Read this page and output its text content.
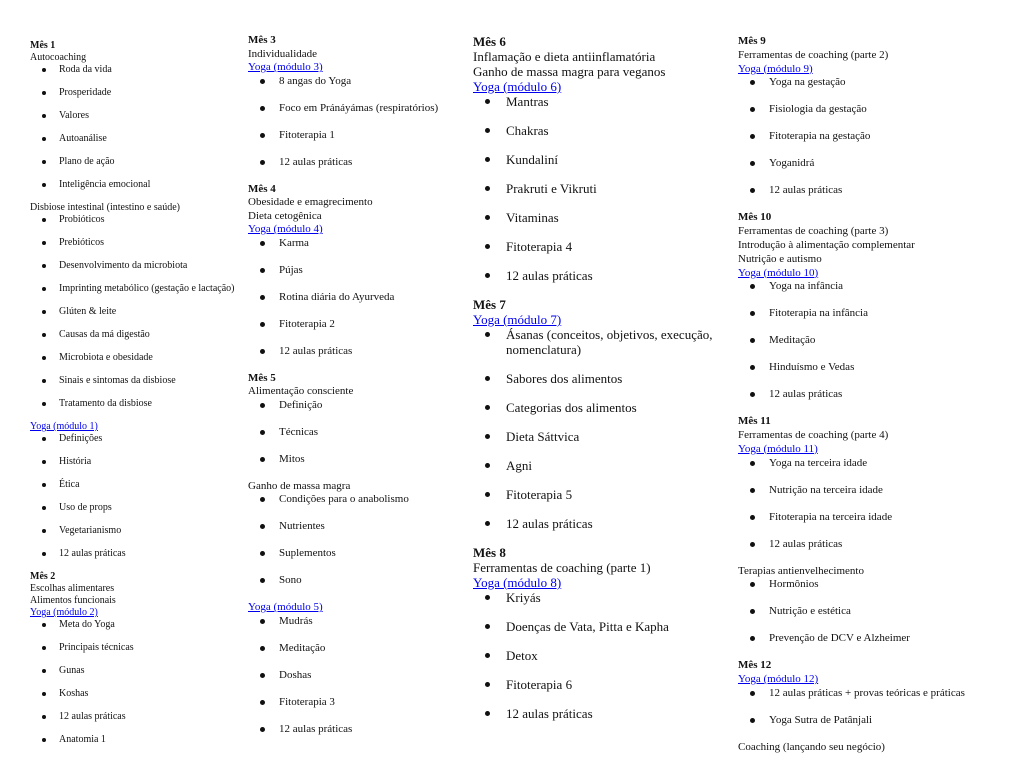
Mês 1
Autocoaching
Roda da vida
Prosperidade
Valores
Autoanálise
Plano de ação
Inteligência emocional
Disbiose intestinal (intestino e saúde)
Probióticos
Prebióticos
Desenvolvimento da microbiota
Imprinting metabólico (gestação e lactação)
Glúten & leite
Causas da má digestão
Microbiota e obesidade
Sinais e sintomas da disbiose
Tratamento da disbiose
Yoga (módulo 1)
Definições
História
Ética
Uso de props
Vegetarianismo
12 aulas práticas
Mês 2
Escolhas alimentares
Alimentos funcionais
Yoga (módulo 2)
Meta do Yoga
Principais técnicas
Gunas
Koshas
12 aulas práticas
Anatomia 1
Mês 3
Individualidade
Yoga (módulo 3)
8 angas do Yoga
Foco em Pránáyámas (respiratórios)
Fitoterapia 1
12 aulas práticas
Mês 4
Obesidade e emagrecimento
Dieta cetogênica
Yoga (módulo 4)
Karma
Pújas
Rotina diária do Ayurveda
Fitoterapia 2
12 aulas práticas
Mês 5
Alimentação consciente
Definição
Técnicas
Mitos
Ganho de massa magra
Condições para o anabolismo
Nutrientes
Suplementos
Sono
Yoga (módulo 5)
Mudrás
Meditação
Doshas
Fitoterapia 3
12 aulas práticas
Mês 6
Inflamação e dieta antiinflamatória
Ganho de massa magra para veganos
Yoga (módulo 6)
Mantras
Chakras
Kundaliní
Prakruti e Vikruti
Vitaminas
Fitoterapia 4
12 aulas práticas
Mês 7
Yoga (módulo 7)
Ásanas (conceitos, objetivos, execução, nomenclatura)
Sabores dos alimentos
Categorias dos alimentos
Dieta Sáttvica
Agni
Fitoterapia 5
12 aulas práticas
Mês 8
Ferramentas de coaching (parte 1)
Yoga (módulo 8)
Kriyás
Doenças de Vata, Pitta e Kapha
Detox
Fitoterapia 6
12 aulas práticas
Mês 9
Ferramentas de coaching (parte 2)
Yoga (módulo 9)
Yoga na gestação
Fisiologia da gestação
Fitoterapia na gestação
Yoganidrá
12 aulas práticas
Mês 10
Ferramentas de coaching (parte 3)
Introdução à alimentação complementar
Nutrição e autismo
Yoga (módulo 10)
Yoga na infância
Fitoterapia na infância
Meditação
Hinduísmo e Vedas
12 aulas práticas
Mês 11
Ferramentas de coaching (parte 4)
Yoga (módulo 11)
Yoga na terceira idade
Nutrição na terceira idade
Fitoterapia na terceira idade
12 aulas práticas
Terapias antienvelhecimento
Hormônios
Nutrição e estética
Prevenção de DCV e Alzheimer
Mês 12
Yoga (módulo 12)
12 aulas práticas + provas teóricas e práticas
Yoga Sutra de Patânjali
Coaching (lançando seu negócio)
